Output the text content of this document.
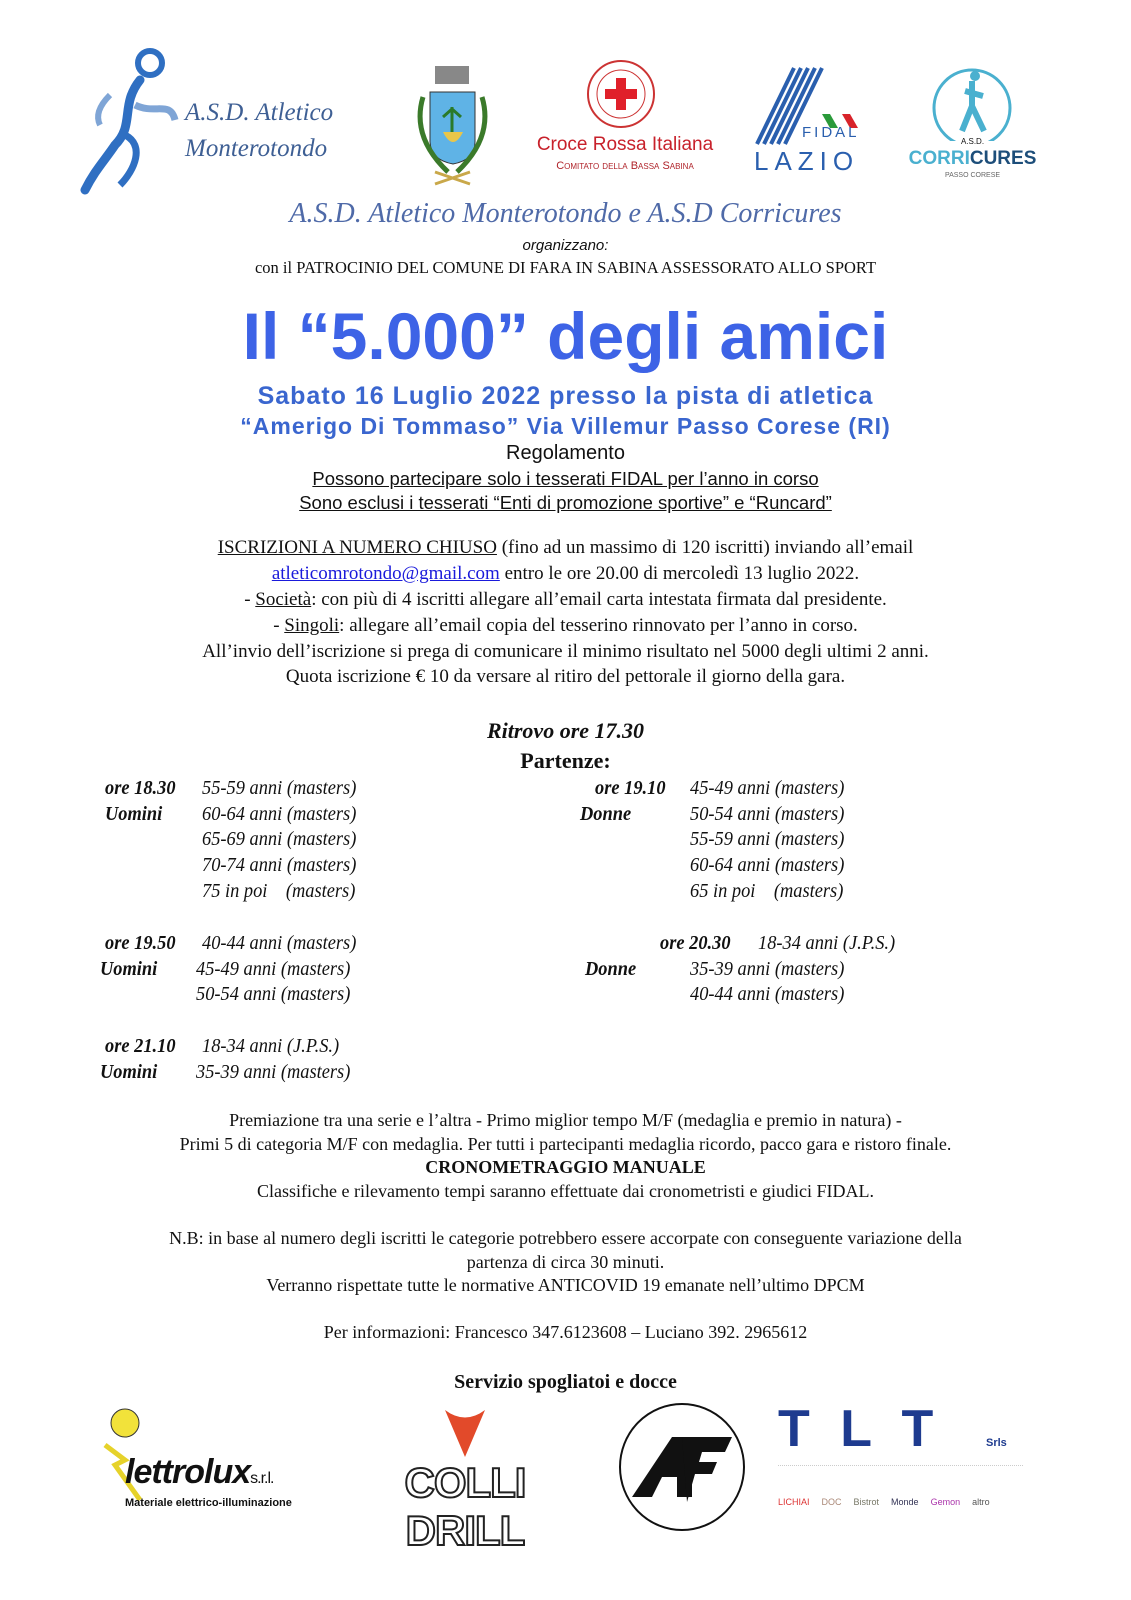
A.S.D. Atletico
Monterotondo	Croce Rossa Italiana
Comitato della Bassa Sabina
FIDAL
LAZIO
A.S.D.
CORRICURES
PASSO CORESE
A.S.D. Atletico Monterotondo e A.S.D Corricures
organizzano:
con il PATROCINIO DEL COMUNE DI FARA IN SABINA ASSESSORATO ALLO SPORT
Il “5.000” degli amici
Sabato 16 Luglio 2022 presso la pista di atletica
“Amerigo Di Tommaso” Via Villemur Passo Corese (RI)
Regolamento
Possono partecipare solo i tesserati FIDAL per l’anno in corso
Sono esclusi i tesserati “Enti di promozione sportive” e “Runcard”
ISCRIZIONI A NUMERO CHIUSO (fino ad un massimo di 120 iscritti) inviando all’email
atleticomrotondo@gmail.com entro le ore 20.00 di mercoledì 13 luglio 2022.
- Società: con più di 4 iscritti allegare all’email carta intestata firmata dal presidente.
- Singoli: allegare all’email copia del tesserino rinnovato per l’anno in corso.
All’invio dell’iscrizione si prega di comunicare il minimo risultato nel 5000 degli ultimi 2 anni.
Quota iscrizione € 10 da versare al ritiro del pettorale il giorno della gara.
Ritrovo ore 17.30
Partenze:
ore 18.30 55-59 anni (masters)
Uomini 60-64 anni (masters)
65-69 anni (masters)
70-74 anni (masters)
75 in poi    (masters)
ore 19.10 45-49 anni (masters)
Donne	50-54 anni (masters)
55-59 anni (masters)
60-64 anni (masters)
65 in poi    (masters)
ore 19.50 40-44 anni (masters)
Uomini 45-49 anni (masters)
50-54 anni (masters)
ore 20.30 18-34 anni (J.P.S.)
Donne	35-39 anni (masters)
40-44 anni (masters)
ore 21.10 18-34 anni (J.P.S.)
Uomini 35-39 anni (masters)
Premiazione tra una serie e l’altra - Primo miglior tempo M/F (medaglia e premio in natura) -
Primi 5 di categoria M/F con medaglia. Per tutti i partecipanti medaglia ricordo, pacco gara e ristoro finale.
CRONOMETRAGGIO MANUALE
Classifiche e rilevamento tempi saranno effettuate dai cronometristi e giudici FIDAL.
N.B: in base al numero degli iscritti le categorie potrebbero essere accorpate con conseguente variazione della
partenza di circa 30 minuti.
Verranno rispettate tutte le normative ANTICOVID 19 emanate nell’ultimo DPCM
Per informazioni: Francesco 347.6123608 – Luciano 392. 2965612
Servizio spogliatoi e docce
lettroluxs.r.l.
Materiale elettrico-illuminazione	COLLI DRILL
T L T	Srls
LICHIAI DOC Bistrot Monde Gemon altro
